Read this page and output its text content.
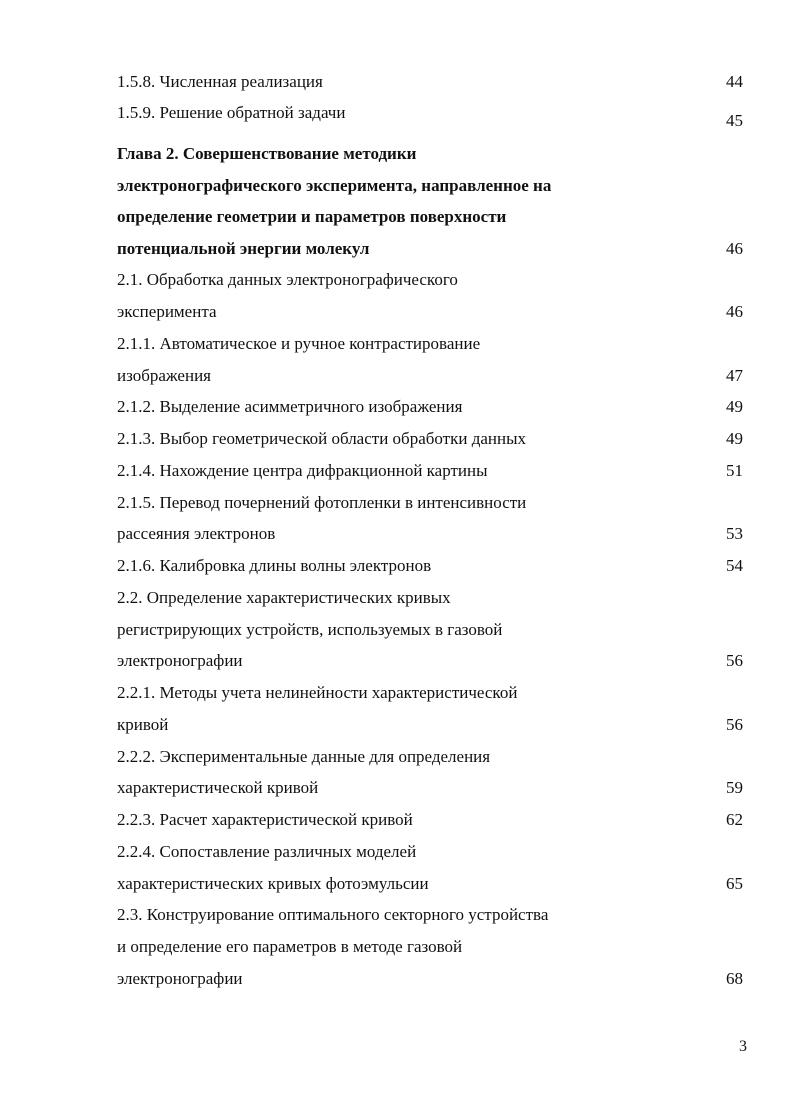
1.5.8. Численная реализация	44

1.5.9. Решение обратной задачи	45

Глава 2. Совершенствование методики

электронографического эксперимента, направленное на

определение геометрии и параметров поверхности

потенциальной энергии молекул	46

2.1. Обработка данных электронографического

эксперимента	46

2.1.1. Автоматическое и ручное контрастирование

изображения	47

2.1.2. Выделение асимметричного изображения	49

2.1.3. Выбор геометрической области обработки данных	49

2.1.4. Нахождение центра дифракционной картины	51

2.1.5. Перевод почернений фотопленки в интенсивности

рассеяния электронов	53

2.1.6. Калибровка длины волны электронов	54

2.2. Определение характеристических кривых

регистрирующих устройств, используемых в газовой

электронографии	56

2.2.1. Методы учета нелинейности характеристической

кривой	56

2.2.2. Экспериментальные данные для определения

характеристической кривой	59

2.2.3. Расчет характеристической кривой	62

2.2.4. Сопоставление различных моделей

характеристических кривых фотоэмульсии	65

2.3. Конструирование оптимального секторного устройства

и определение его параметров в методе газовой

электронографии	68

3
